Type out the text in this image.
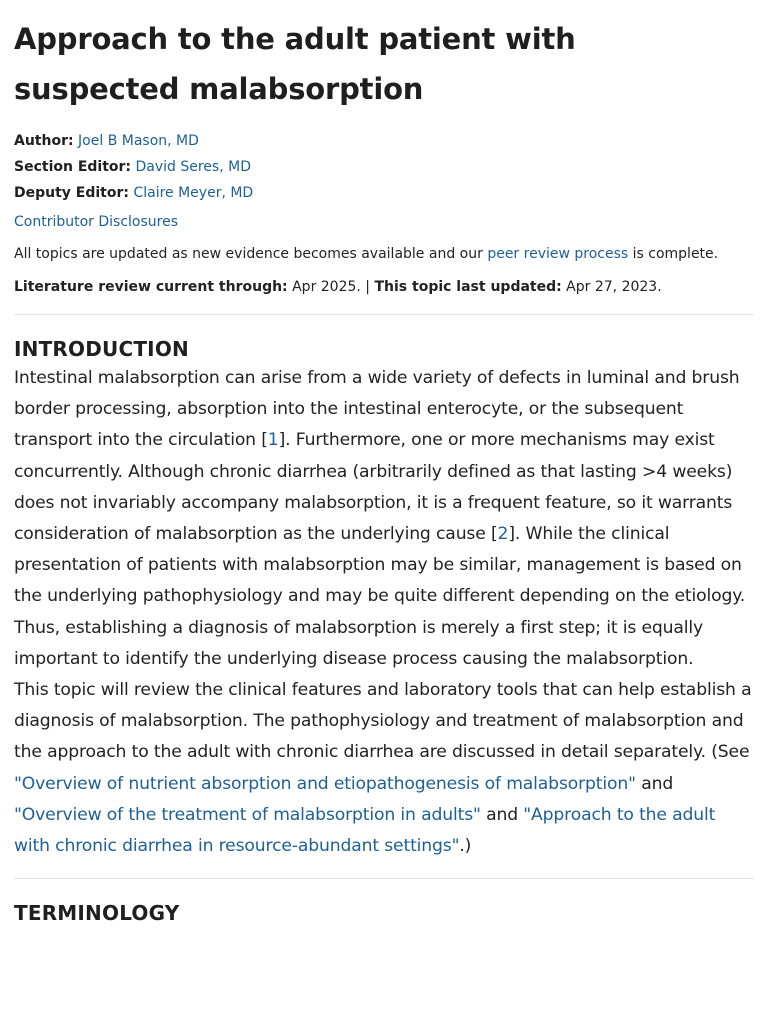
Approach to the adult patient with suspected malabsorption
Author: Joel B Mason, MD
Section Editor: David Seres, MD
Deputy Editor: Claire Meyer, MD
Contributor Disclosures
All topics are updated as new evidence becomes available and our peer review process is complete.
Literature review current through: Apr 2025. | This topic last updated: Apr 27, 2023.
INTRODUCTION

Intestinal malabsorption can arise from a wide variety of defects in luminal and brush border processing, absorption into the intestinal enterocyte, or the subsequent transport into the circulation [1]. Furthermore, one or more mechanisms may exist concurrently. Although chronic diarrhea (arbitrarily defined as that lasting >4 weeks) does not invariably accompany malabsorption, it is a frequent feature, so it warrants consideration of malabsorption as the underlying cause [2]. While the clinical presentation of patients with malabsorption may be similar, management is based on the underlying pathophysiology and may be quite different depending on the etiology. Thus, establishing a diagnosis of malabsorption is merely a first step; it is equally important to identify the underlying disease process causing the malabsorption.

This topic will review the clinical features and laboratory tools that can help establish a diagnosis of malabsorption. The pathophysiology and treatment of malabsorption and the approach to the adult with chronic diarrhea are discussed in detail separately. (See "Overview of nutrient absorption and etiopathogenesis of malabsorption" and "Overview of the treatment of malabsorption in adults" and "Approach to the adult with chronic diarrhea in resource-abundant settings".)

TERMINOLOGY
